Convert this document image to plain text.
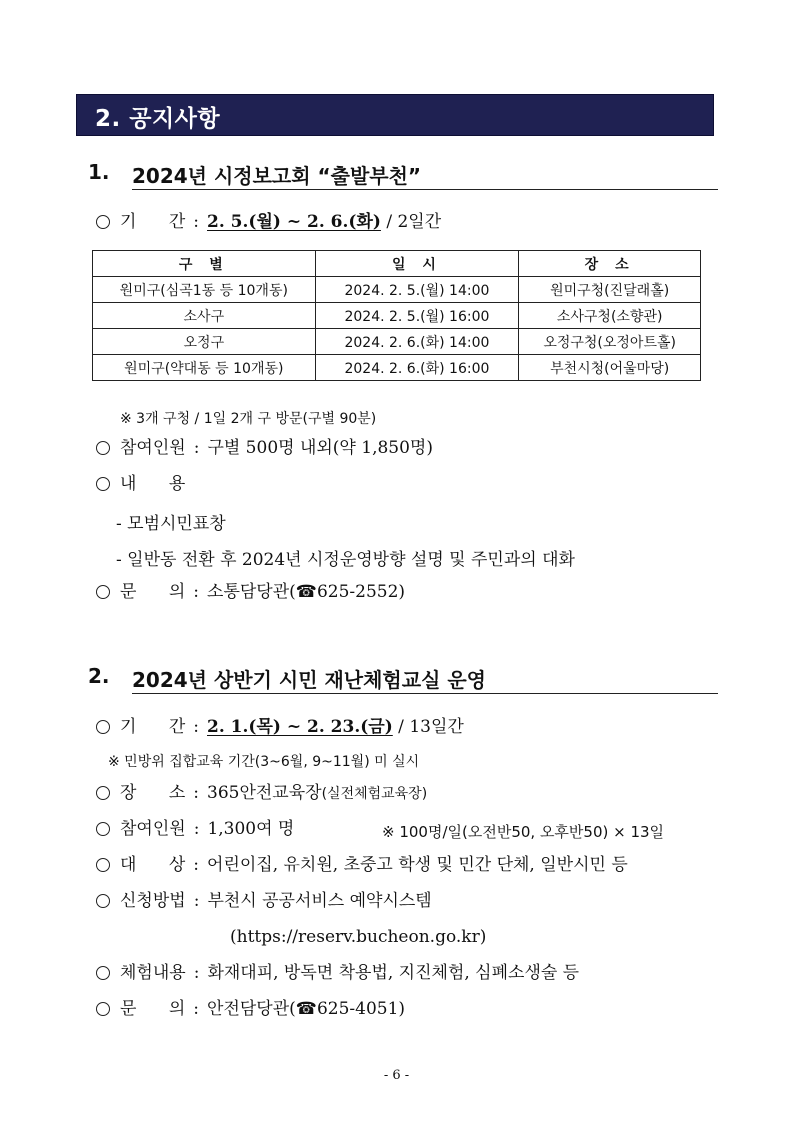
2. 공지사항
1. 2024년 시정보고회 “출발부천”
기      간 : 2. 5.(월) ~ 2. 6.(화) / 2일간
구 별	일 시	장 소
원미구(심곡1동 등 10개동)	2024. 2. 5.(월) 14:00	원미구청(진달래홀)
소사구	2024. 2. 5.(월) 16:00	소사구청(소향관)
오정구	2024. 2. 6.(화) 14:00	오정구청(오정아트홀)
원미구(약대동 등 10개동)	2024. 2. 6.(화) 16:00	부천시청(어울마당)
※ 3개 구청 / 1일 2개 구 방문(구별 90분)
참여인원 : 구별 500명 내외(약 1,850명)
내      용
- 모범시민표창
- 일반동 전환 후 2024년 시정운영방향 설명 및 주민과의 대화
문      의 : 소통담당관(☎625-2552)
2. 2024년 상반기 시민 재난체험교실 운영
기      간 : 2. 1.(목) ~ 2. 23.(금) / 13일간
※ 민방위 집합교육 기간(3~6월, 9~11월) 미 실시
장      소 : 365안전교육장(실전체험교육장)
참여인원 : 1,300여 명	※ 100명/일(오전반50, 오후반50) × 13일
대      상 : 어린이집, 유치원, 초중고 학생 및 민간 단체, 일반시민 등
신청방법 : 부천시 공공서비스 예약시스템
(https://reserv.bucheon.go.kr)
체험내용 : 화재대피, 방독면 착용법, 지진체험, 심폐소생술 등
문      의 : 안전담당관(☎625-4051)
- 6 -
